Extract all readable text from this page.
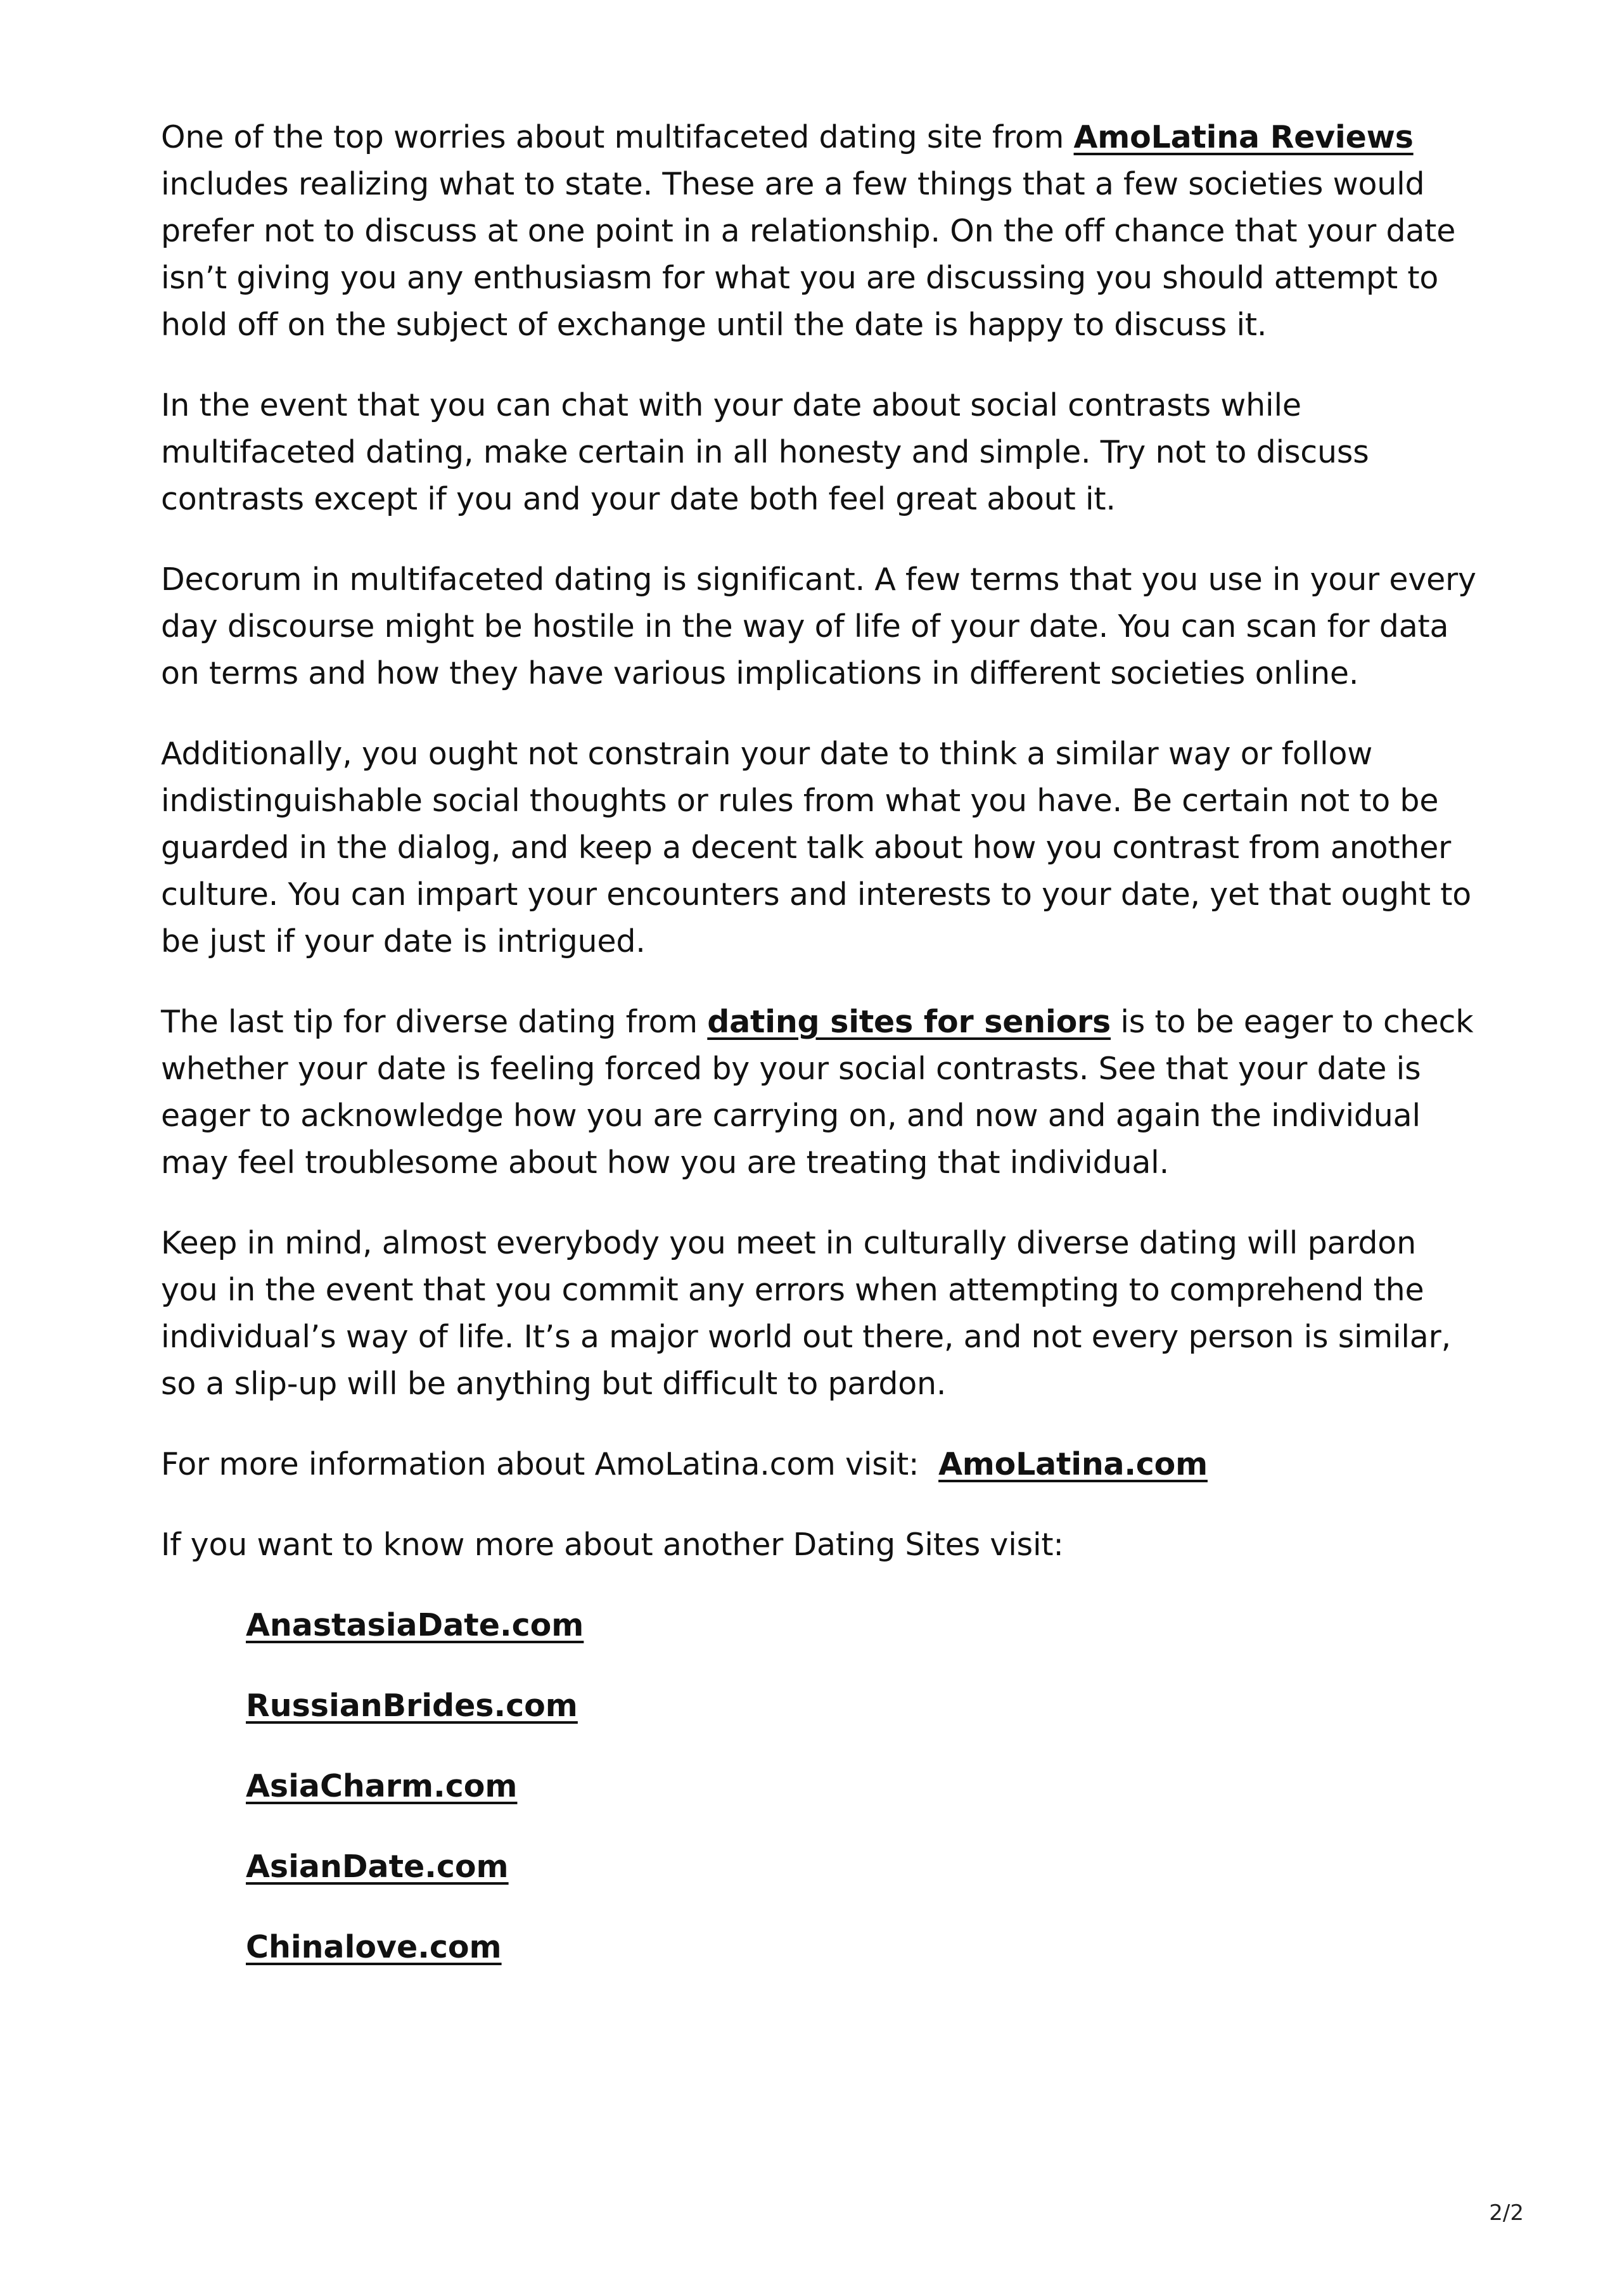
One of the top worries about multifaceted dating site from AmoLatina Reviews includes realizing what to state. These are a few things that a few societies would prefer not to discuss at one point in a relationship. On the off chance that your date isn’t giving you any enthusiasm for what you are discussing you should attempt to hold off on the subject of exchange until the date is happy to discuss it.

In the event that you can chat with your date about social contrasts while multifaceted dating, make certain in all honesty and simple. Try not to discuss contrasts except if you and your date both feel great about it.

Decorum in multifaceted dating is significant. A few terms that you use in your every day discourse might be hostile in the way of life of your date. You can scan for data on terms and how they have various implications in different societies online.

Additionally, you ought not constrain your date to think a similar way or follow indistinguishable social thoughts or rules from what you have. Be certain not to be guarded in the dialog, and keep a decent talk about how you contrast from another culture. You can impart your encounters and interests to your date, yet that ought to be just if your date is intrigued.

The last tip for diverse dating from dating sites for seniors is to be eager to check whether your date is feeling forced by your social contrasts. See that your date is eager to acknowledge how you are carrying on, and now and again the individual may feel troublesome about how you are treating that individual.

Keep in mind, almost everybody you meet in culturally diverse dating will pardon you in the event that you commit any errors when attempting to comprehend the individual’s way of life. It’s a major world out there, and not every person is similar, so a slip-up will be anything but difficult to pardon.

For more information about AmoLatina.com visit:  AmoLatina.com

If you want to know more about another Dating Sites visit:

AnastasiaDate.com
RussianBrides.com
AsiaCharm.com
AsianDate.com
Chinalove.com
2/2
